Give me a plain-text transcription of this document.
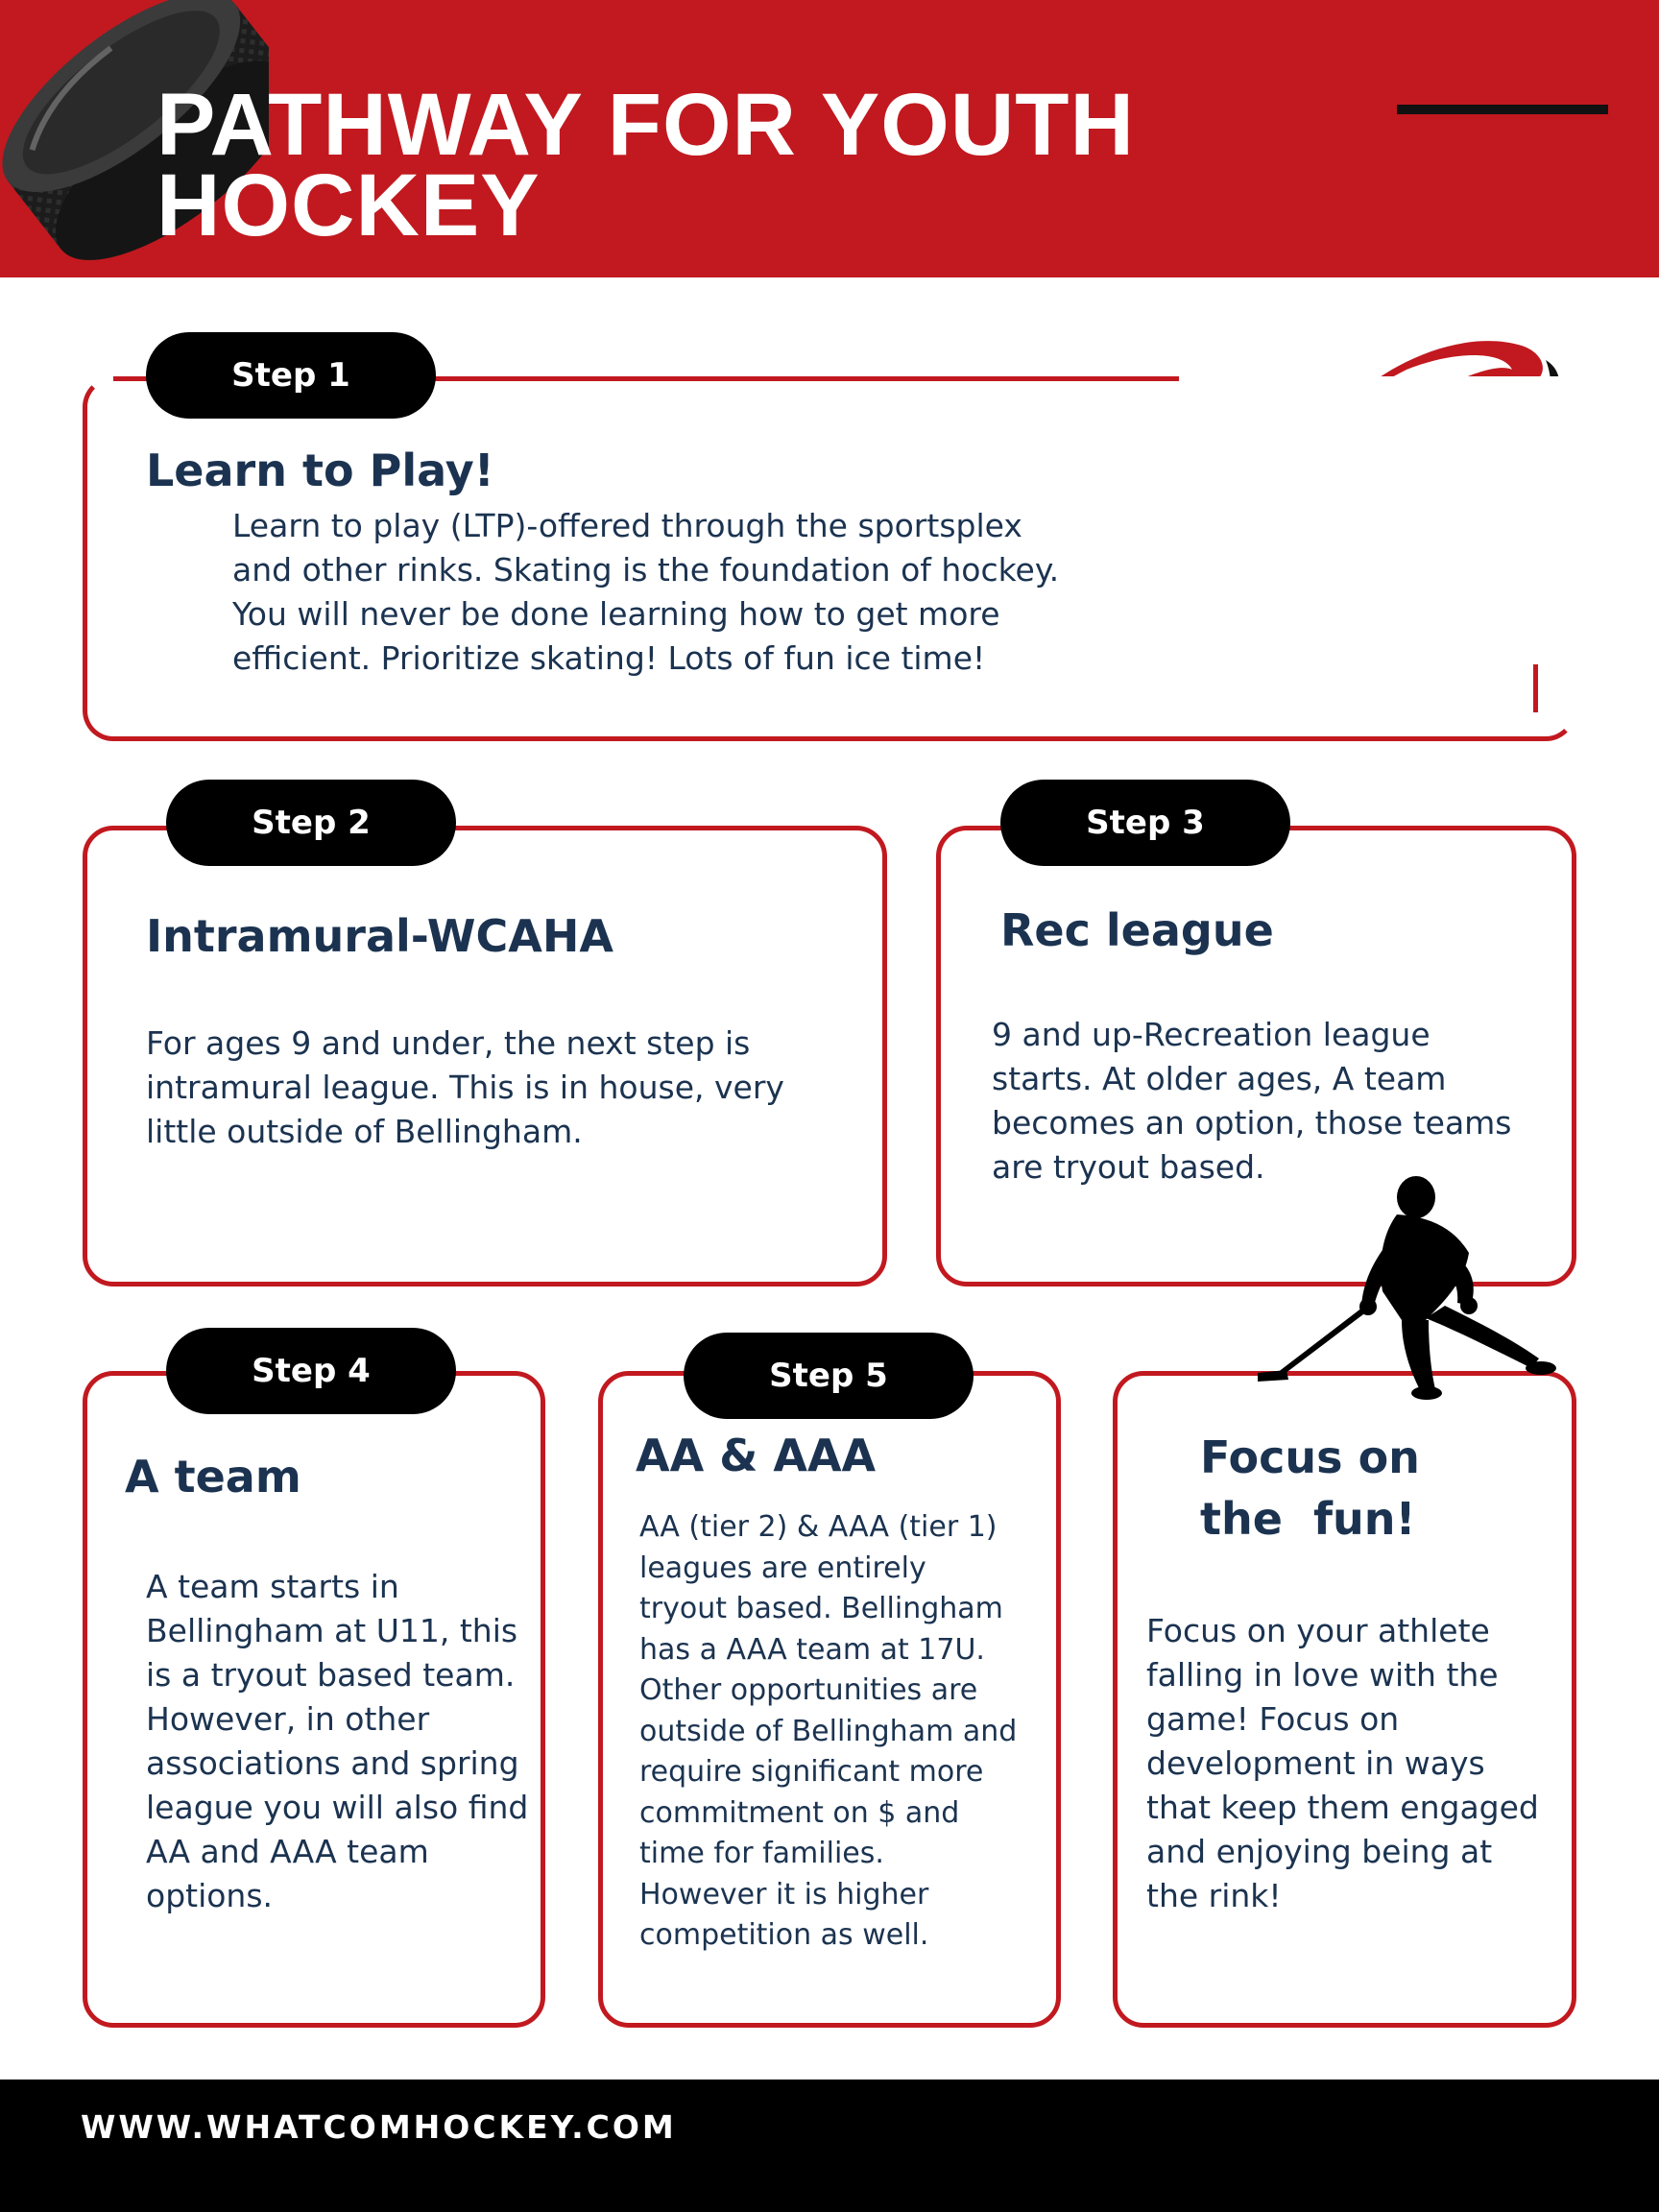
PATHWAY FOR YOUTH
HOCKEY
Step 1
Learn to Play!

Learn to play (LTP)-offered through the sportsplex and other rinks. Skating is the foundation of hockey. You will never be done learning how to get more efficient. Prioritize skating! Lots of fun ice time!

Step 2
Intramural-WCAHA

For ages 9 and under, the next step is intramural league. This is in house, very little outside of Bellingham.

Step 3
Rec league

9 and up-Recreation league starts. At older ages, A team becomes an option, those teams are tryout based.

Step 4
A team

A team starts in Bellingham at U11, this is a tryout based team. However, in other associations and spring league you will also find AA and AAA team options.

Step 5
AA & AAA

AA (tier 2) & AAA (tier 1) leagues are entirely tryout based. Bellingham has a AAA team at 17U. Other opportunities are outside of Bellingham and require significant more commitment on $ and time for families. However it is higher competition as well.

Focus on
the  fun!

Focus on your athlete falling in love with the game! Focus on development in ways that keep them engaged and enjoying being at the rink!

WWW.WHATCOMHOCKEY.COM
